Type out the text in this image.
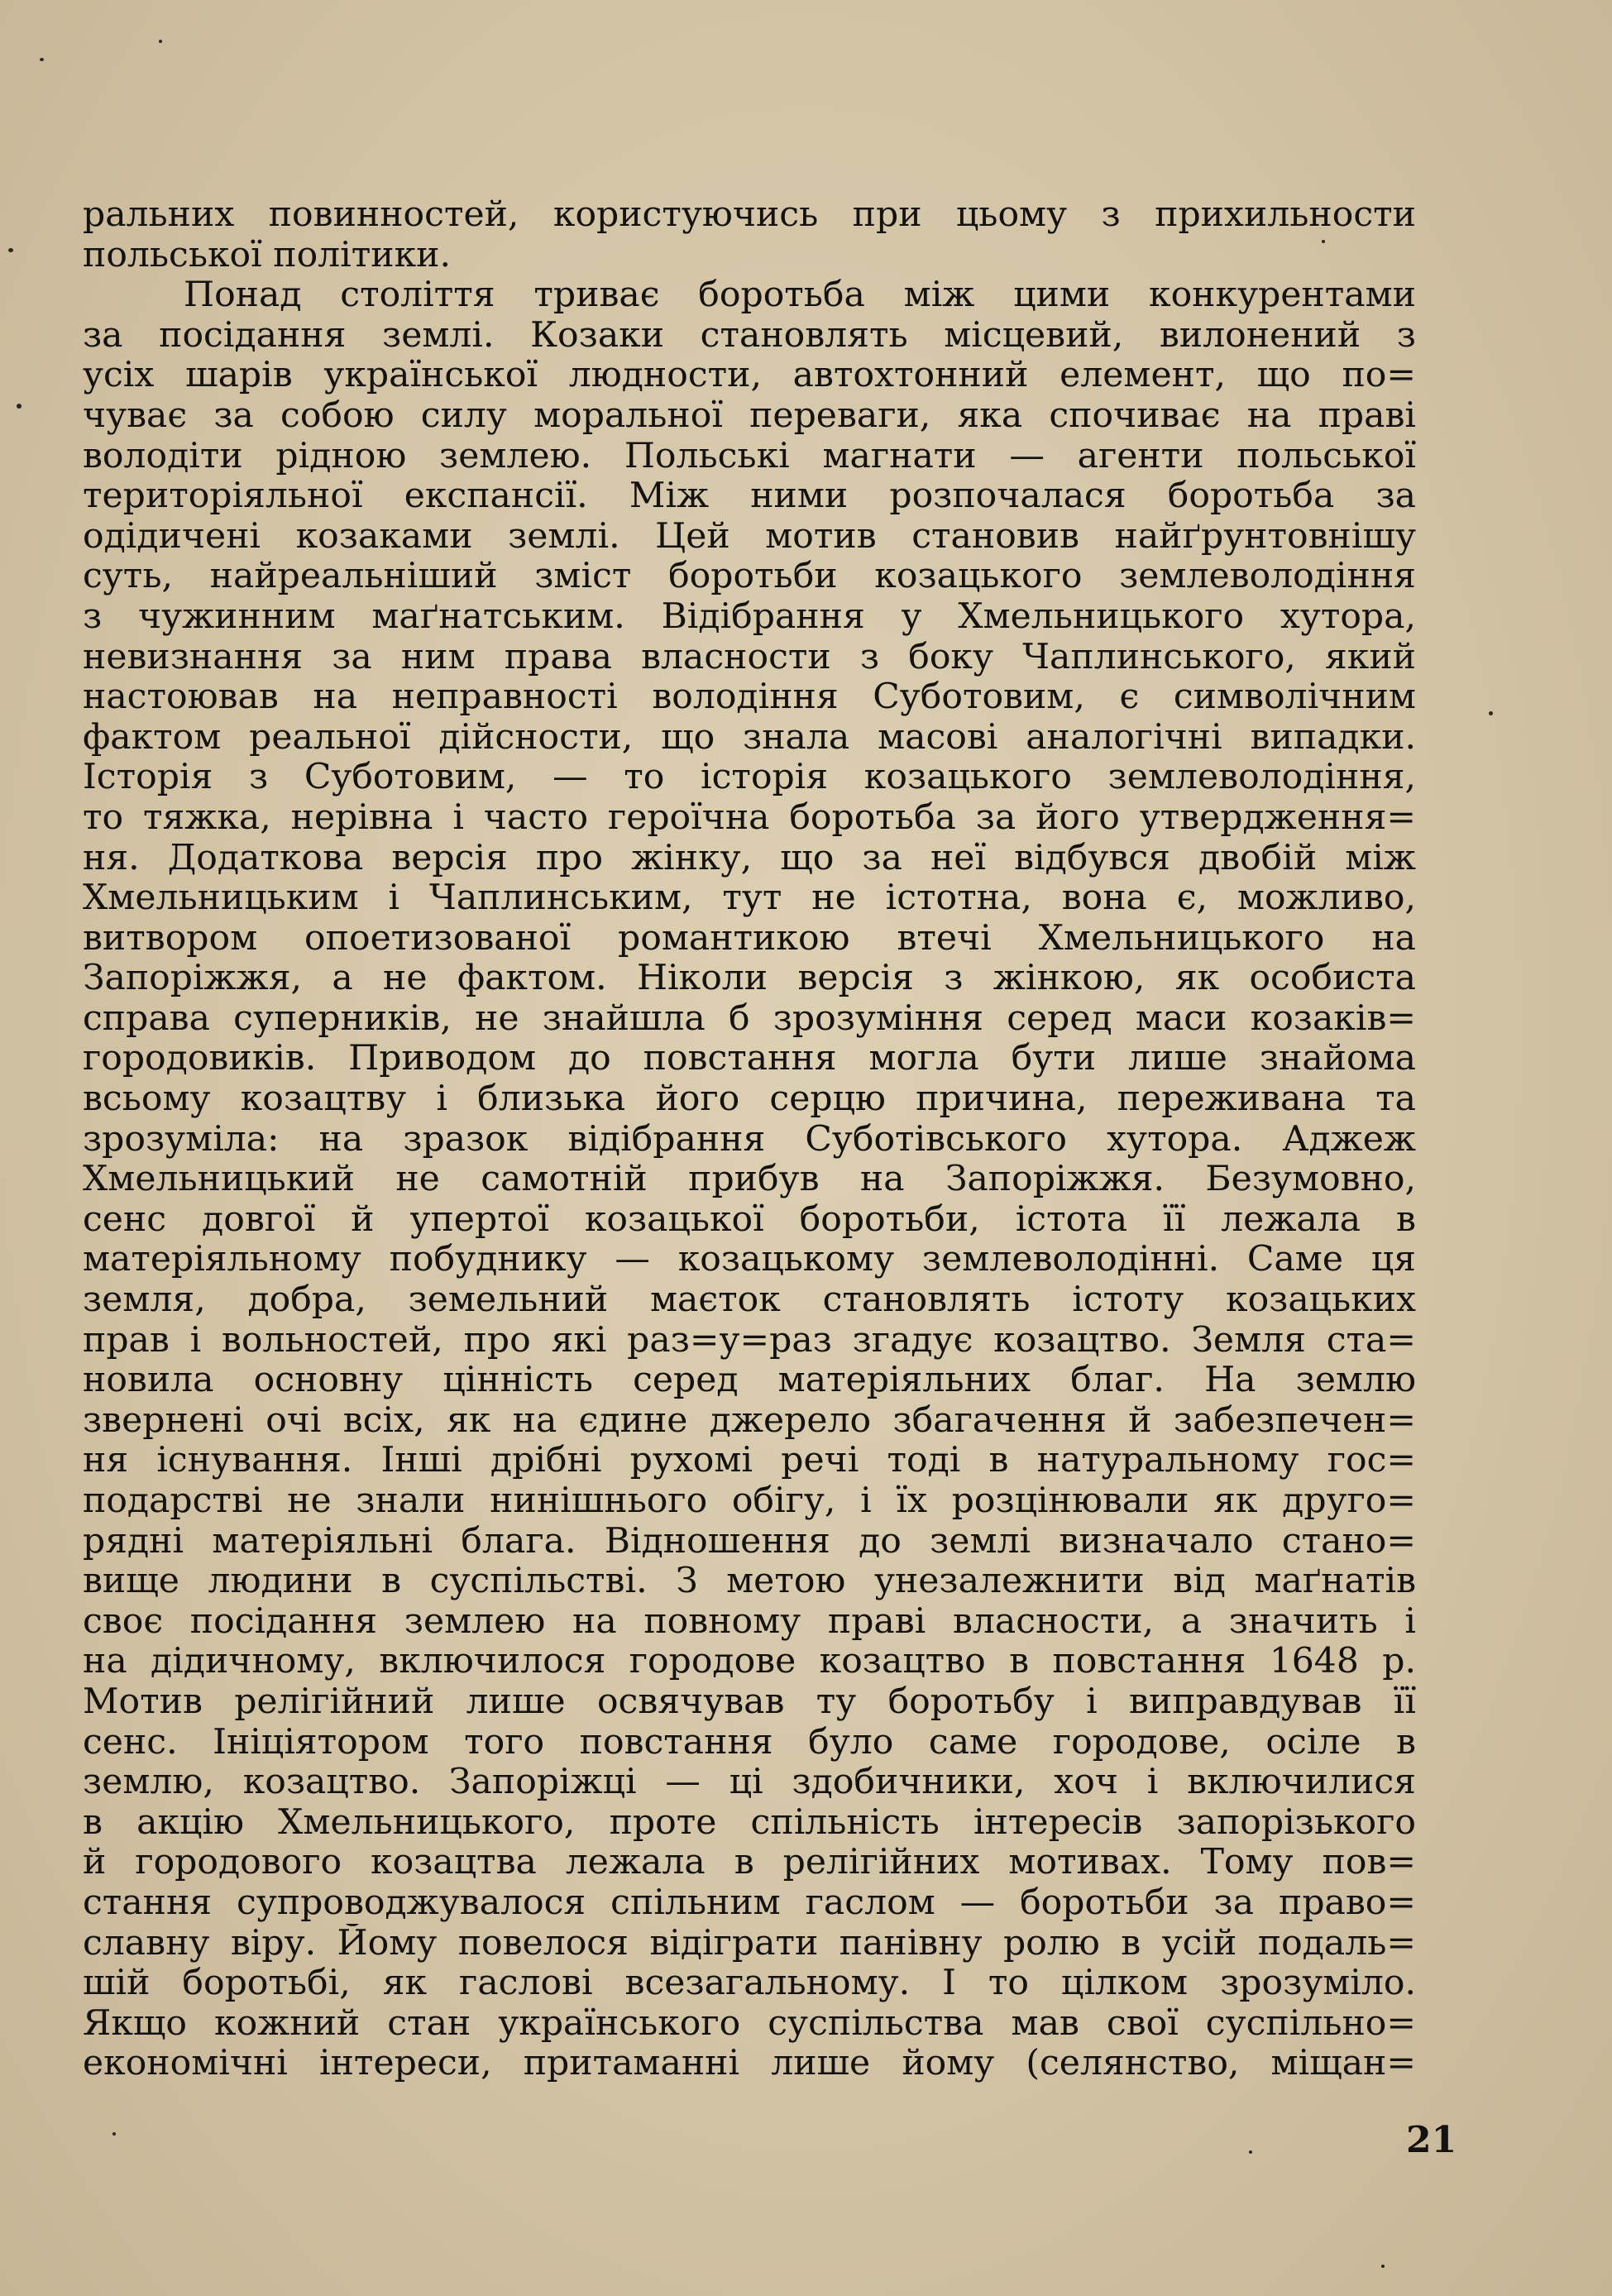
ральних повинностей, користуючись при цьому з прихильности
польської політики.
Понад століття триває боротьба між цими конкурентами
за посідання землі. Козаки становлять місцевий, вилонений з
усіх шарів української людности, автохтонний елемент, що по=
чуває за собою силу моральної переваги, яка спочиває на праві
володіти рідною землею. Польські магнати — агенти польської
територіяльної експансії. Між ними розпочалася боротьба за
одідичені козаками землі. Цей мотив становив найґрунтовнішу
суть, найреальніший зміст боротьби козацького землеволодіння
з чужинним маґнатським. Відібрання у Хмельницького хутора,
невизнання за ним права власности з боку Чаплинського, який
настоював на неправності володіння Суботовим, є символічним
фактом реальної дійсности, що знала масові аналогічні випадки.
Історія з Суботовим, — то історія козацького землеволодіння,
то тяжка, нерівна і часто героїчна боротьба за його утвердження=
ня. Додаткова версія про жінку, що за неї відбувся двобій між
Хмельницьким і Чаплинським, тут не істотна, вона є, можливо,
витвором опоетизованої романтикою втечі Хмельницького на
Запоріжжя, а не фактом. Ніколи версія з жінкою, як особиста
справа суперників, не знайшла б зрозуміння серед маси козаків=
городовиків. Приводом до повстання могла бути лише знайома
всьому козацтву і близька його серцю причина, переживана та
зрозуміла: на зразок відібрання Суботівського хутора. Аджеж
Хмельницький не самотній прибув на Запоріжжя. Безумовно,
сенс довгої й упертої козацької боротьби, істота її лежала в
матеріяльному побуднику — козацькому землеволодінні. Саме ця
земля, добра, земельний маєток становлять істоту козацьких
прав і вольностей, про які раз=у=раз згадує козацтво. Земля ста=
новила основну цінність серед матеріяльних благ. На землю
звернені очі всіх, як на єдине джерело збагачення й забезпечен=
ня існування. Інші дрібні рухомі речі тоді в натуральному гос=
подарстві не знали нинішнього обігу, і їх розцінювали як друго=
рядні матеріяльні блага. Відношення до землі визначало стано=
вище людини в суспільстві. З метою унезалежнити від маґнатів
своє посідання землею на повному праві власности, а значить і
на дідичному, включилося городове козацтво в повстання 1648 р.
Мотив релігійний лише освячував ту боротьбу і виправдував її
сенс. Ініціятором того повстання було саме городове, осіле в
землю, козацтво. Запоріжці — ці здобичники, хоч і включилися
в акцію Хмельницького, проте спільність інтересів запорізького
й городового козацтва лежала в релігійних мотивах. Тому пов=
стання супроводжувалося спільним гаслом — боротьби за право=
славну віру. Йому повелося відіграти панівну ролю в усій подаль=
шій боротьбі, як гаслові всезагальному. І то цілком зрозуміло.
Якщо кожний стан українського суспільства мав свої суспільно=
економічні інтереси, притаманні лише йому (селянство, міщан=
21
